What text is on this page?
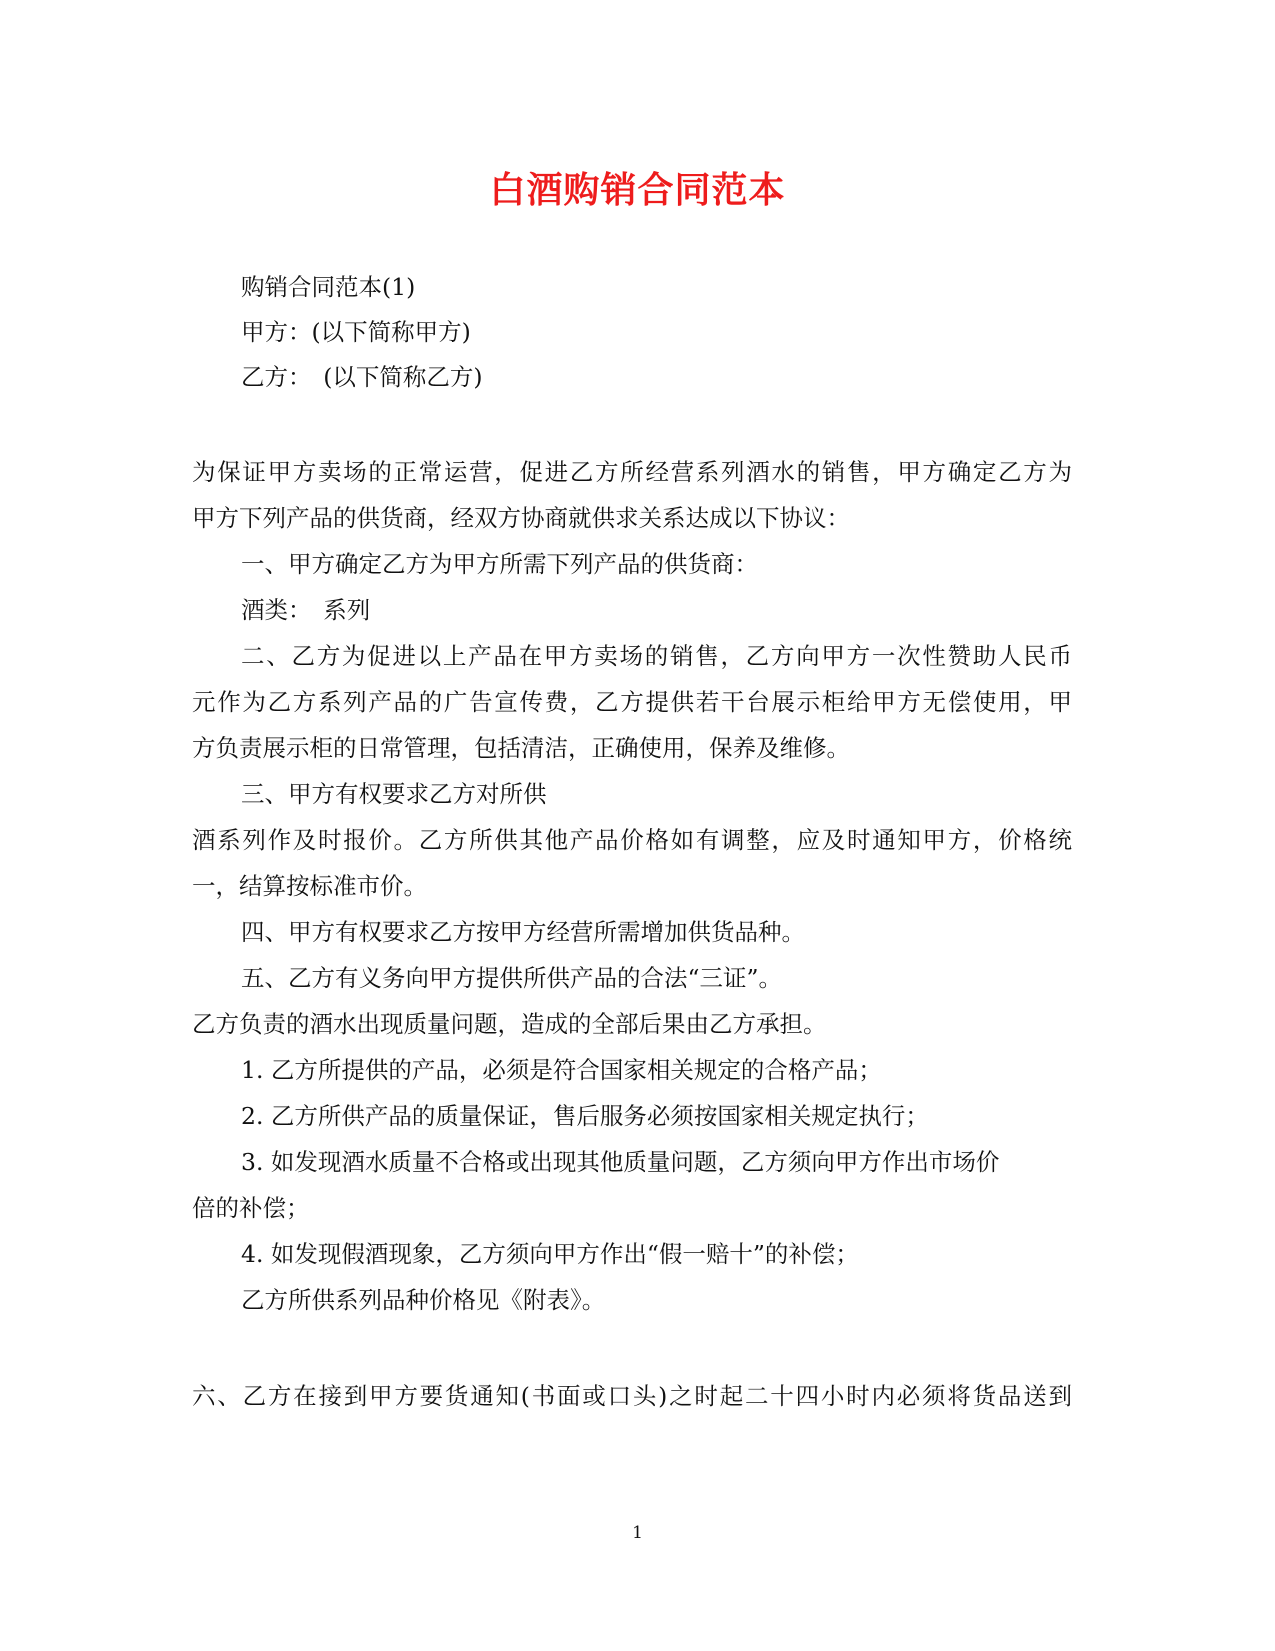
白酒购销合同范本
购销合同范本(1)
甲方：(以下简称甲方)
乙方：　(以下简称乙方)
为保证甲方卖场的正常运营，促进乙方所经营系列酒水的销售，甲方确定乙方为
甲方下列产品的供货商，经双方协商就供求关系达成以下协议：
一、甲方确定乙方为甲方所需下列产品的供货商：
酒类：　系列
二、乙方为促进以上产品在甲方卖场的销售，乙方向甲方一次性赞助人民币
元作为乙方系列产品的广告宣传费，乙方提供若干台展示柜给甲方无偿使用，甲
方负责展示柜的日常管理，包括清洁，正确使用，保养及维修。
三、甲方有权要求乙方对所供
酒系列作及时报价。乙方所供其他产品价格如有调整，应及时通知甲方，价格统
一，结算按标准市价。
四、甲方有权要求乙方按甲方经营所需增加供货品种。
五、乙方有义务向甲方提供所供产品的合法“三证”。
乙方负责的酒水出现质量问题，造成的全部后果由乙方承担。
1. 乙方所提供的产品，必须是符合国家相关规定的合格产品；
2. 乙方所供产品的质量保证，售后服务必须按国家相关规定执行；
3. 如发现酒水质量不合格或出现其他质量问题，乙方须向甲方作出市场价
倍的补偿；
4. 如发现假酒现象，乙方须向甲方作出“假一赔十”的补偿；
乙方所供系列品种价格见《附表》。
六、乙方在接到甲方要货通知(书面或口头)之时起二十四小时内必须将货品送到
1
